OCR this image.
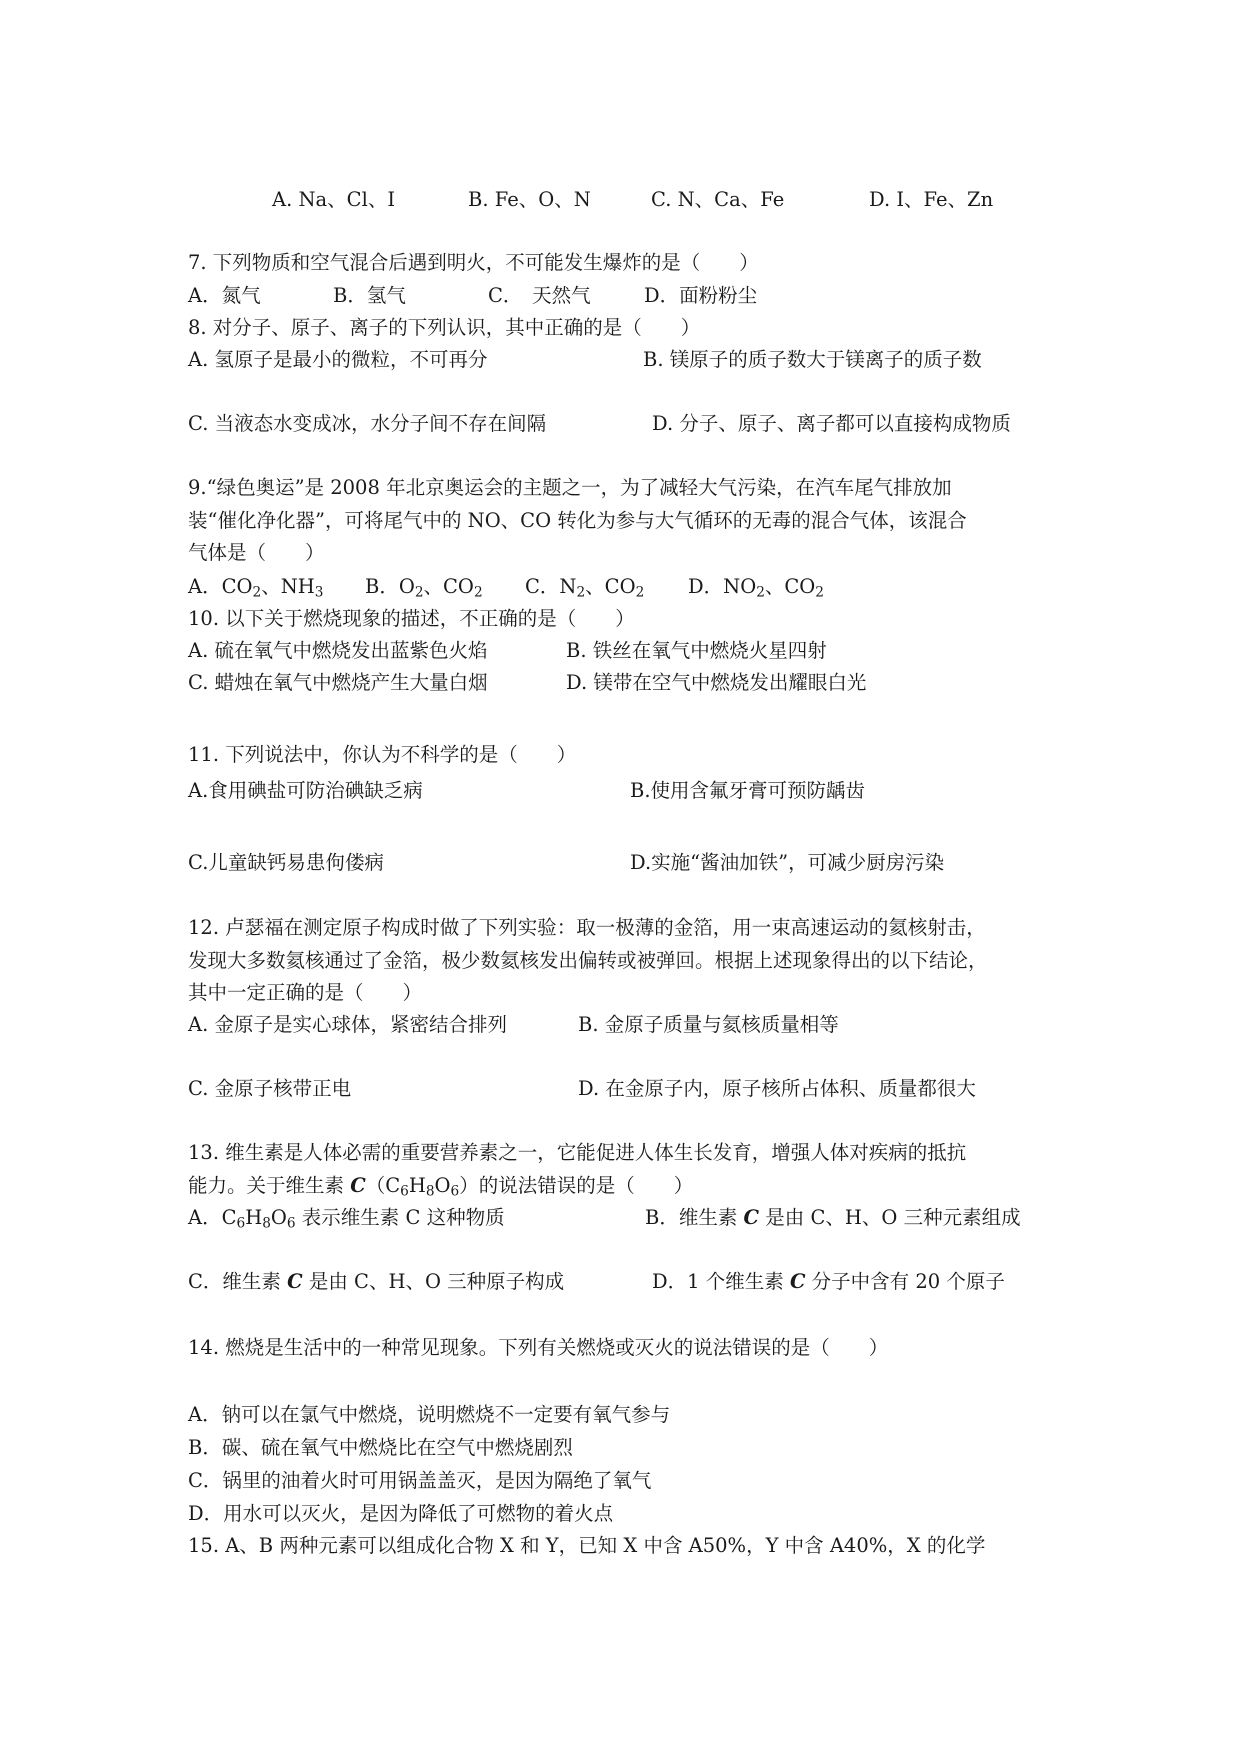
A. Na、Cl、I	B. Fe、O、N	C. N、Ca、Fe	D. I、Fe、Zn
7. 下列物质和空气混合后遇到明火，不可能发生爆炸的是（　　）
A．氮气	B．氢气	C．　天然气	D．面粉粉尘
8. 对分子、原子、离子的下列认识，其中正确的是（　　）
A. 氢原子是最小的微粒，不可再分	B. 镁原子的质子数大于镁离子的质子数
C. 当液态水变成冰，水分子间不存在间隔	D. 分子、原子、离子都可以直接构成物质
9.“绿色奥运”是 2008 年北京奥运会的主题之一，为了减轻大气污染，在汽车尾气排放加
装“催化净化器”，可将尾气中的 NO、CO 转化为参与大气循环的无毒的混合气体，该混合
气体是（　　）
A．$CO_2$、$NH_3$ B．$O_2$、$CO_2$ C．$N_2$、$CO_2$ D．$NO_2$、$CO_2$
10. 以下关于燃烧现象的描述，不正确的是（　　）
A. 硫在氧气中燃烧发出蓝紫色火焰	B. 铁丝在氧气中燃烧火星四射
C. 蜡烛在氧气中燃烧产生大量白烟	D. 镁带在空气中燃烧发出耀眼白光
11. 下列说法中，你认为不科学的是（　　）
A.食用碘盐可防治碘缺乏病	B.使用含氟牙膏可预防龋齿
C.儿童缺钙易患佝偻病	D.实施“酱油加铁”，可减少厨房污染
12. 卢瑟福在测定原子构成时做了下列实验：取一极薄的金箔，用一束高速运动的氦核射击，
发现大多数氦核通过了金箔，极少数氦核发出偏转或被弹回。根据上述现象得出的以下结论，
其中一定正确的是（　　）
A. 金原子是实心球体，紧密结合排列	B. 金原子质量与氦核质量相等
C. 金原子核带正电	D. 在金原子内，原子核所占体积、质量都很大
13. 维生素是人体必需的重要营养素之一，它能促进人体生长发育，增强人体对疾病的抵抗
能力。关于维生素 $C(C_6H_8O_6)$的说法错误的是（　　）
A．$C_6H_8O_6$ 表示维生素 C 这种物质	B．维生素 C 是由 C、H、O 三种元素组成
C．维生素 C 是由 C、H、O 三种原子构成	D．1 个维生素 C 分子中含有 20 个原子
14. 燃烧是生活中的一种常见现象。下列有关燃烧或灭火的说法错误的是（　　）
A．钠可以在氯气中燃烧，说明燃烧不一定要有氧气参与
B．碳、硫在氧气中燃烧比在空气中燃烧剧烈
C．锅里的油着火时可用锅盖盖灭，是因为隔绝了氧气
D．用水可以灭火，是因为降低了可燃物的着火点
15. A、B 两种元素可以组成化合物 X 和 Y，已知 X 中含 A50%，Y 中含 A40%，X 的化学
